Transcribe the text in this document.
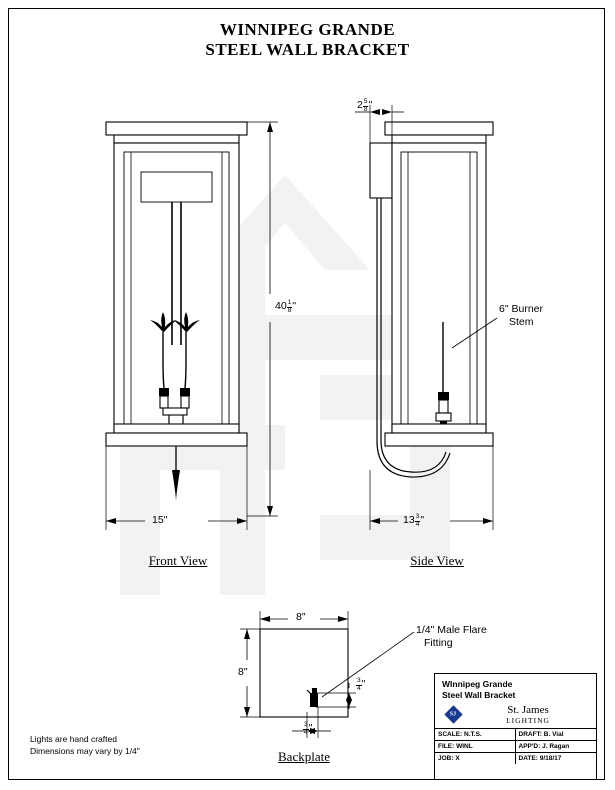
WINNIPEG GRANDE
STEEL WALL BRACKET
$40 \frac{1}{8}$ "
15"
$2 \frac{5}{8}$ "
$13 \frac{3}{4}$ "
8"
8"
$\frac{3}{4}$ "
$\frac{3}{4}$ "
6" Burner
Stem
1/4" Male Flare
Fitting
Front View	Side View
Backplate
Lights are hand crafted
Dimensions may vary by 1/4"
WInnipeg Grande
Steel Wall Bracket
SJ	St. James
LIGHTING
SCALE: N.T.S.	DRAFT: B. Vial
FILE: WINL	APP'D: J. Ragan
JOB: X	DATE: 9/18/17
